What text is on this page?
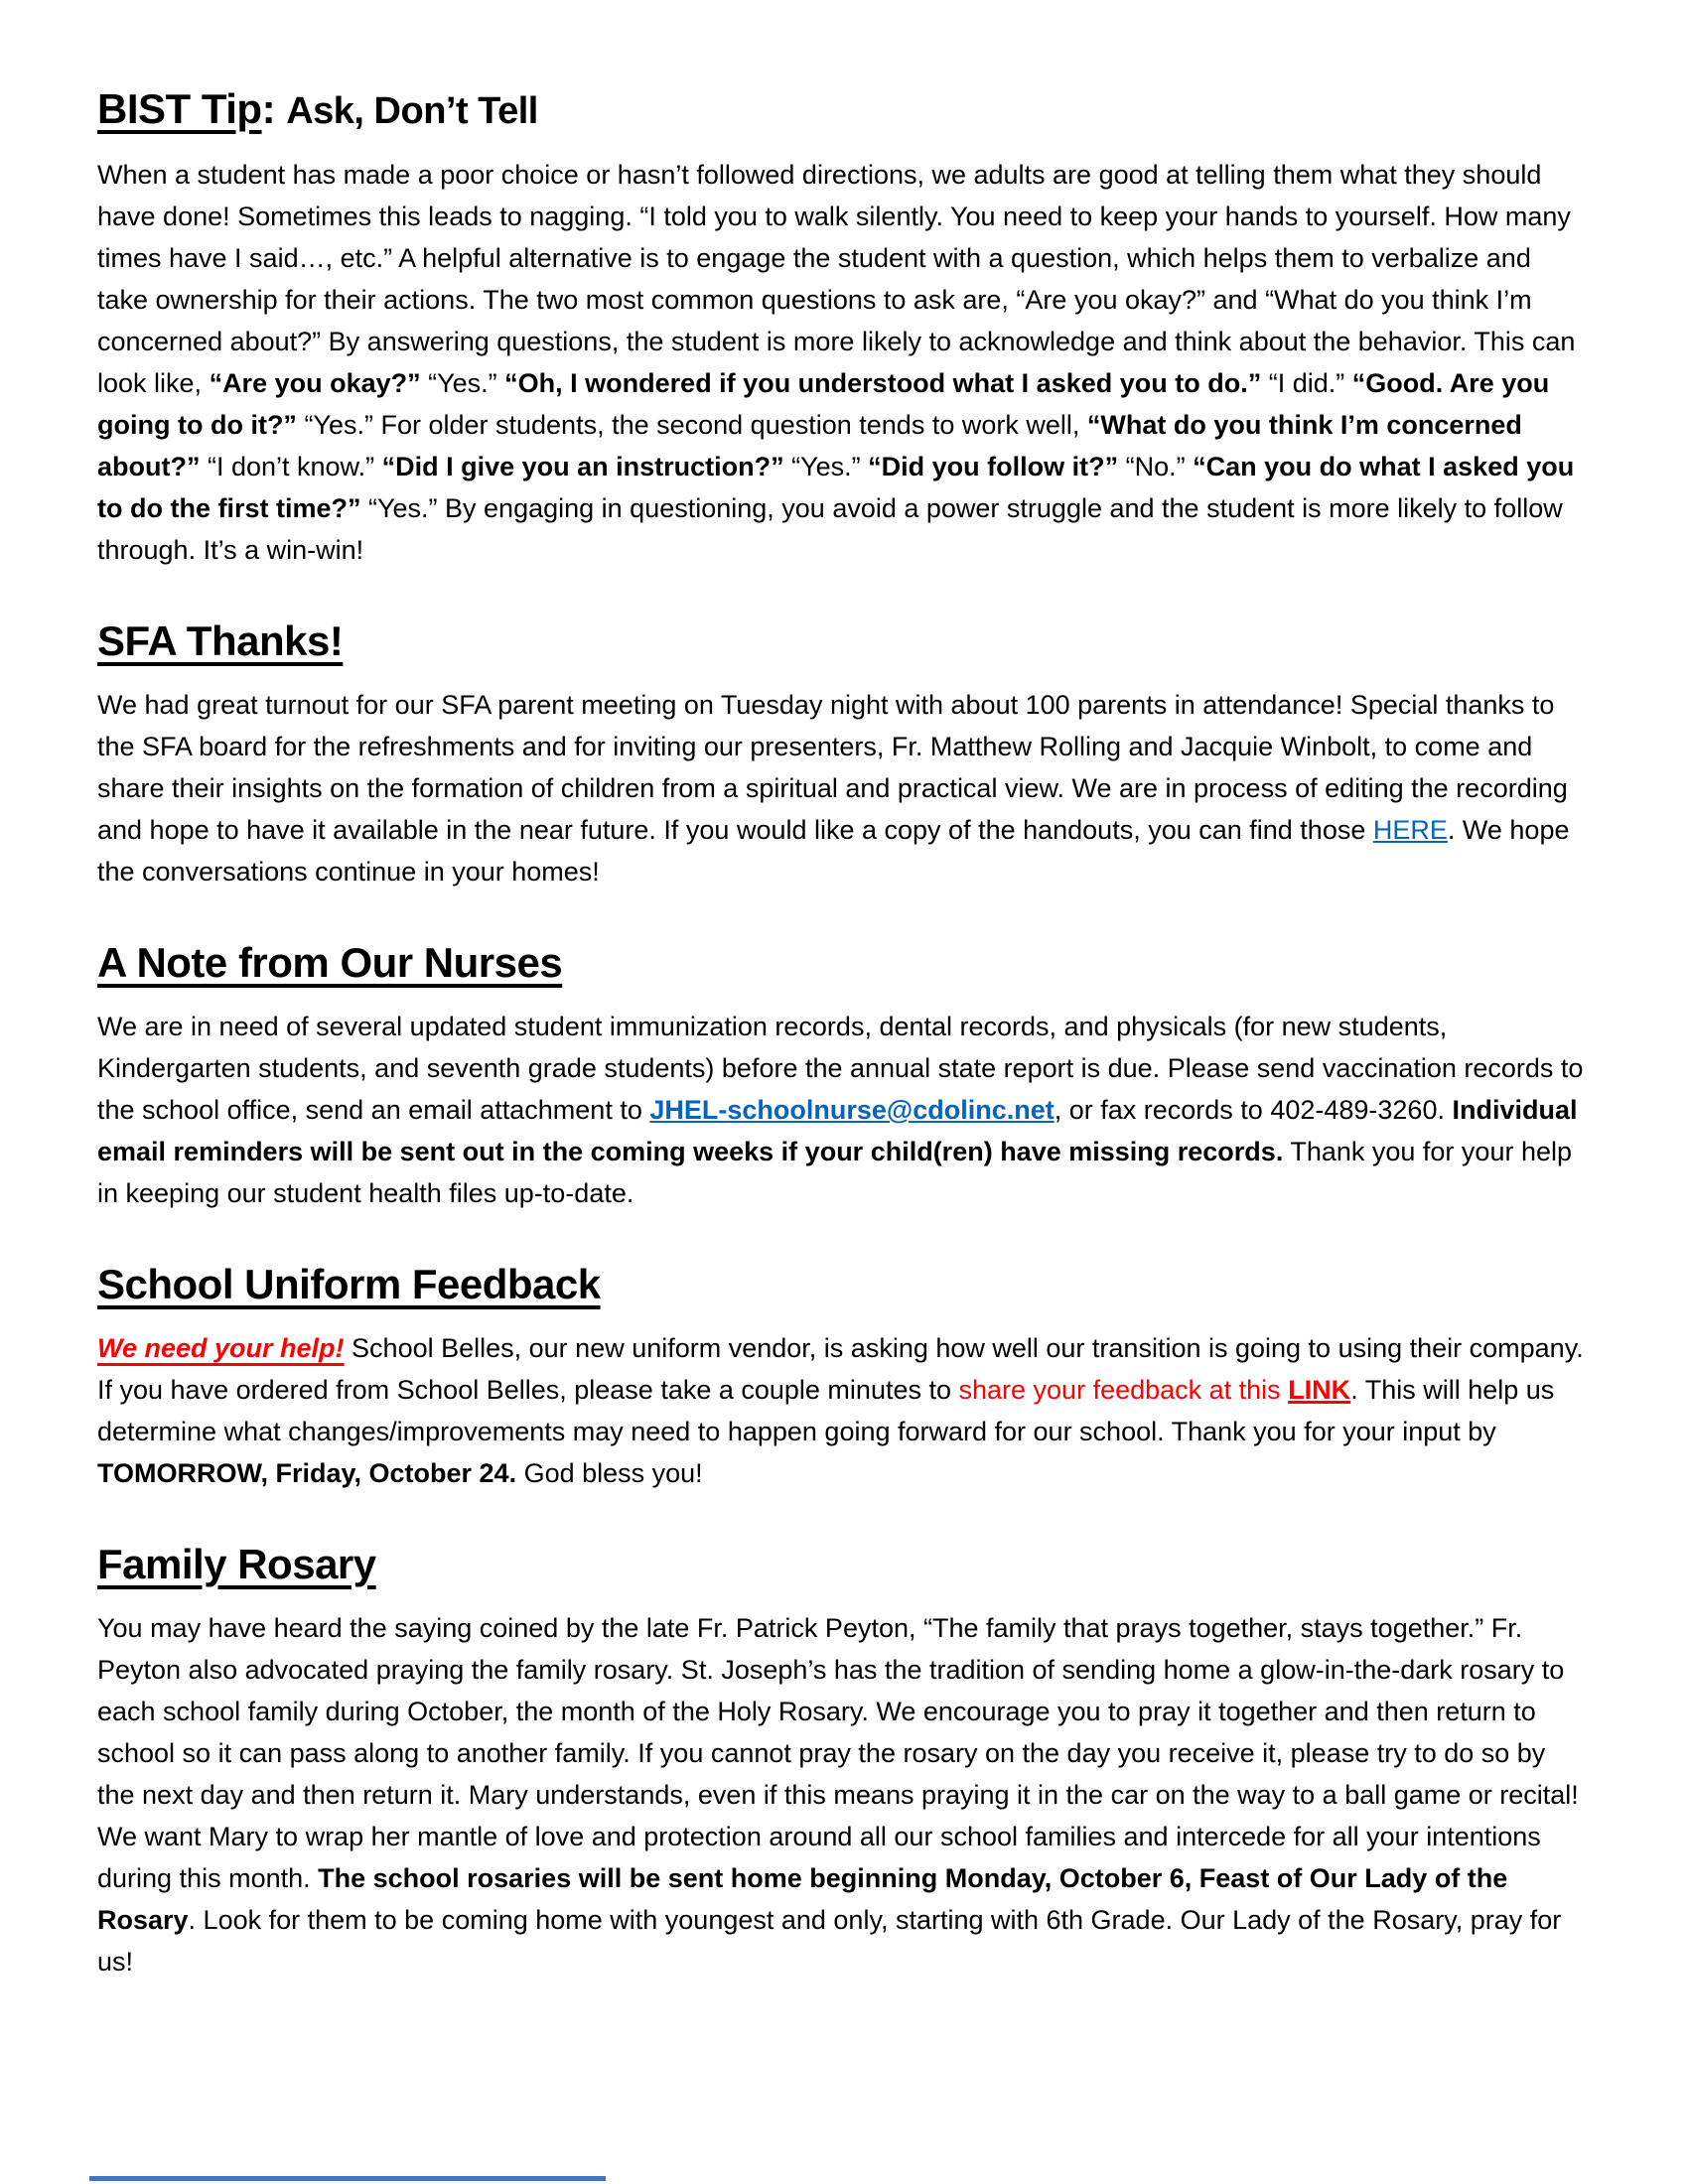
BIST Tip: Ask, Don’t Tell

When a student has made a poor choice or hasn’t followed directions, we adults are good at telling them what they should have done! Sometimes this leads to nagging. “I told you to walk silently. You need to keep your hands to yourself. How many times have I said…, etc.” A helpful alternative is to engage the student with a question, which helps them to verbalize and take ownership for their actions. The two most common questions to ask are, “Are you okay?” and “What do you think I’m concerned about?” By answering questions, the student is more likely to acknowledge and think about the behavior. This can look like, “Are you okay?” “Yes.” “Oh, I wondered if you understood what I asked you to do.” “I did.” “Good. Are you going to do it?” “Yes.” For older students, the second question tends to work well, “What do you think I’m concerned about?” “I don’t know.” “Did I give you an instruction?” “Yes.” “Did you follow it?” “No.” “Can you do what I asked you to do the first time?” “Yes.” By engaging in questioning, you avoid a power struggle and the student is more likely to follow through. It’s a win-win!

SFA Thanks!

We had great turnout for our SFA parent meeting on Tuesday night with about 100 parents in attendance! Special thanks to the SFA board for the refreshments and for inviting our presenters, Fr. Matthew Rolling and Jacquie Winbolt, to come and share their insights on the formation of children from a spiritual and practical view. We are in process of editing the recording and hope to have it available in the near future. If you would like a copy of the handouts, you can find those HERE. We hope the conversations continue in your homes!

A Note from Our Nurses

We are in need of several updated student immunization records, dental records, and physicals (for new students, Kindergarten students, and seventh grade students) before the annual state report is due. Please send vaccination records to the school office, send an email attachment to JHEL-schoolnurse@cdolinc.net, or fax records to 402-489-3260. Individual email reminders will be sent out in the coming weeks if your child(ren) have missing records. Thank you for your help in keeping our student health files up-to-date.

School Uniform Feedback

We need your help! School Belles, our new uniform vendor, is asking how well our transition is going to using their company. If you have ordered from School Belles, please take a couple minutes to share your feedback at this LINK. This will help us determine what changes/improvements may need to happen going forward for our school. Thank you for your input by TOMORROW, Friday, October 24. God bless you!

Family Rosary

You may have heard the saying coined by the late Fr. Patrick Peyton, “The family that prays together, stays together.” Fr. Peyton also advocated praying the family rosary. St. Joseph’s has the tradition of sending home a glow-in-the-dark rosary to each school family during October, the month of the Holy Rosary. We encourage you to pray it together and then return to school so it can pass along to another family. If you cannot pray the rosary on the day you receive it, please try to do so by the next day and then return it. Mary understands, even if this means praying it in the car on the way to a ball game or recital! We want Mary to wrap her mantle of love and protection around all our school families and intercede for all your intentions during this month. The school rosaries will be sent home beginning Monday, October 6, Feast of Our Lady of the Rosary. Look for them to be coming home with youngest and only, starting with 6th Grade. Our Lady of the Rosary, pray for us!
